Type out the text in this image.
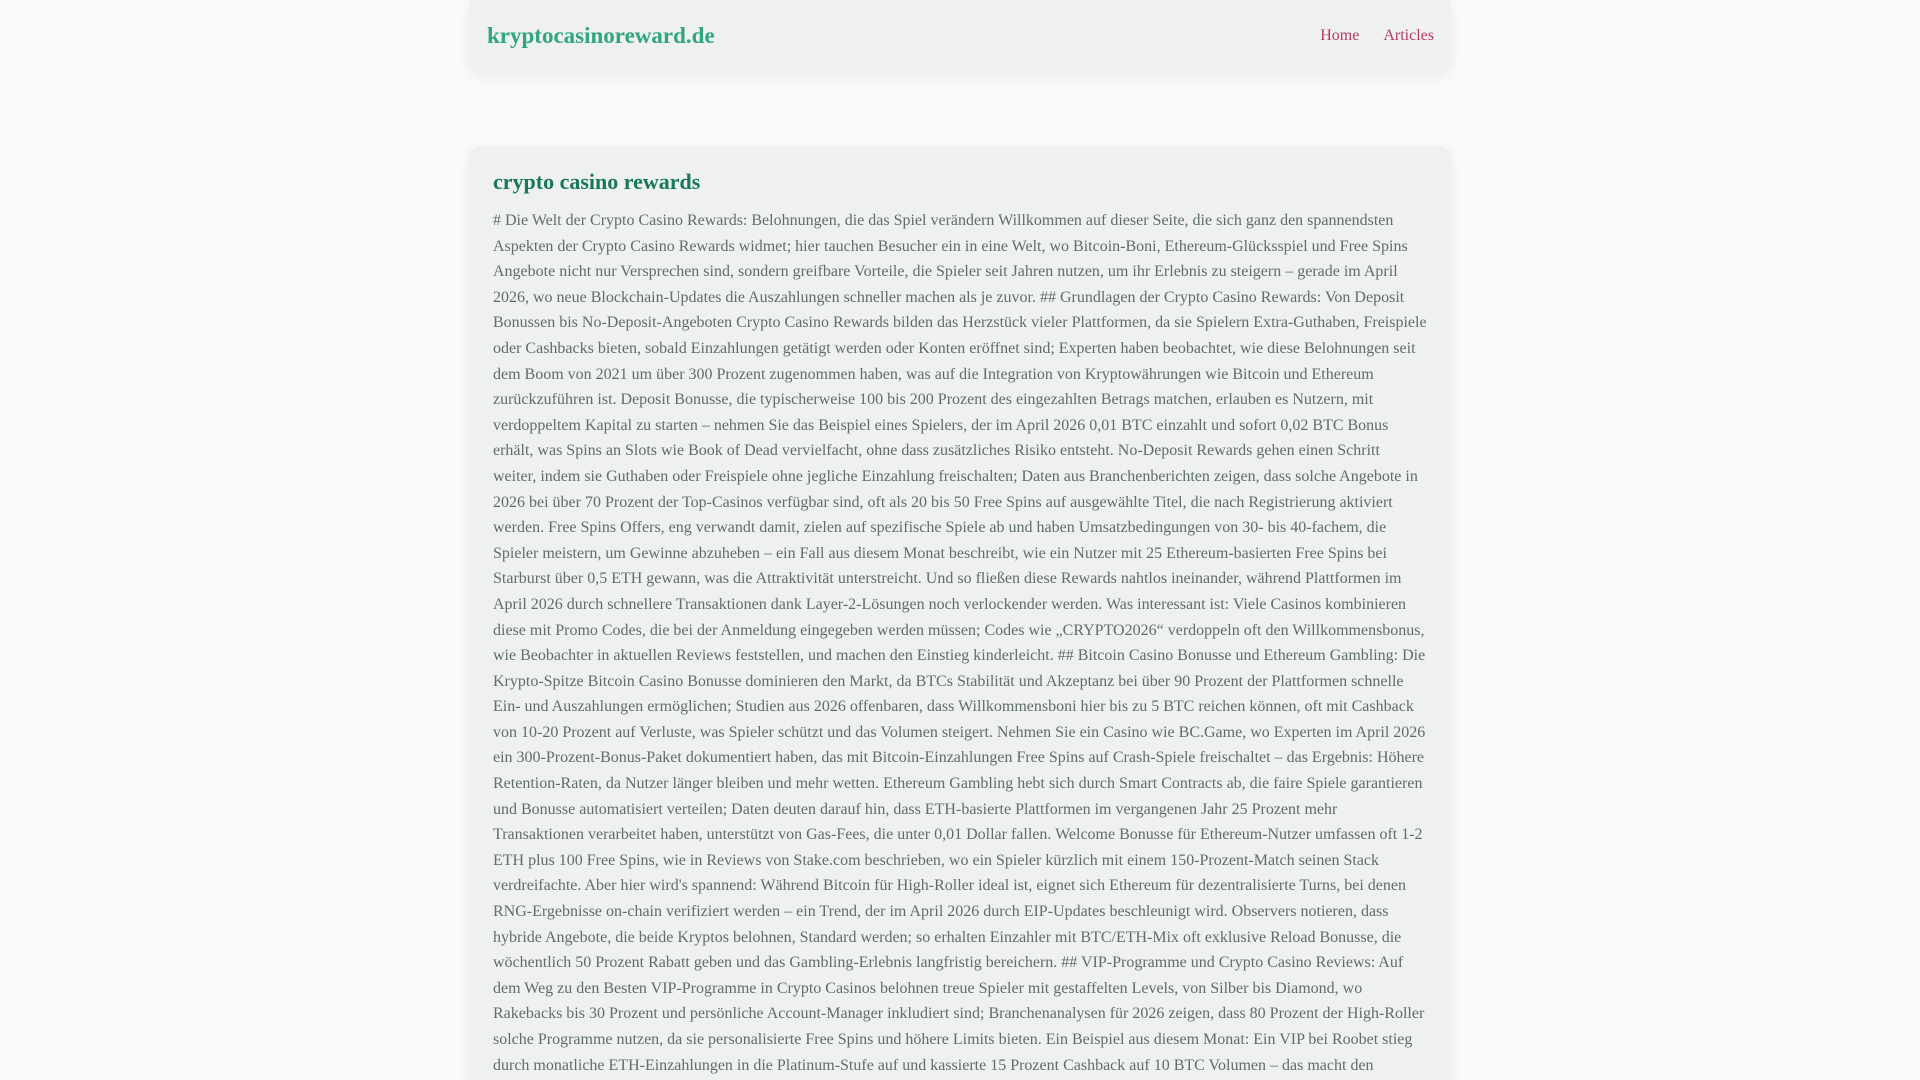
kryptocasinoreward.de	Home Articles
crypto casino rewards

# Die Welt der Crypto Casino Rewards: Belohnungen, die das Spiel verändern Willkommen auf dieser Seite, die sich ganz den spannendsten Aspekten der Crypto Casino Rewards widmet; hier tauchen Besucher ein in eine Welt, wo Bitcoin-Boni, Ethereum-Glücksspiel und Free Spins Angebote nicht nur Versprechen sind, sondern greifbare Vorteile, die Spieler seit Jahren nutzen, um ihr Erlebnis zu steigern – gerade im April 2026, wo neue Blockchain-Updates die Auszahlungen schneller machen als je zuvor. ## Grundlagen der Crypto Casino Rewards: Von Deposit Bonussen bis No-Deposit-Angeboten Crypto Casino Rewards bilden das Herzstück vieler Plattformen, da sie Spielern Extra-Guthaben, Freispiele oder Cashbacks bieten, sobald Einzahlungen getätigt werden oder Konten eröffnet sind; Experten haben beobachtet, wie diese Belohnungen seit dem Boom von 2021 um über 300 Prozent zugenommen haben, was auf die Integration von Kryptowährungen wie Bitcoin und Ethereum zurückzuführen ist. Deposit Bonusse, die typischerweise 100 bis 200 Prozent des eingezahlten Betrags matchen, erlauben es Nutzern, mit verdoppeltem Kapital zu starten – nehmen Sie das Beispiel eines Spielers, der im April 2026 0,01 BTC einzahlt und sofort 0,02 BTC Bonus erhält, was Spins an Slots wie Book of Dead vervielfacht, ohne dass zusätzliches Risiko entsteht. No-Deposit Rewards gehen einen Schritt weiter, indem sie Guthaben oder Freispiele ohne jegliche Einzahlung freischalten; Daten aus Branchenberichten zeigen, dass solche Angebote in 2026 bei über 70 Prozent der Top-Casinos verfügbar sind, oft als 20 bis 50 Free Spins auf ausgewählte Titel, die nach Registrierung aktiviert werden. Free Spins Offers, eng verwandt damit, zielen auf spezifische Spiele ab und haben Umsatzbedingungen von 30- bis 40-fachem, die Spieler meistern, um Gewinne abzuheben – ein Fall aus diesem Monat beschreibt, wie ein Nutzer mit 25 Ethereum-basierten Free Spins bei Starburst über 0,5 ETH gewann, was die Attraktivität unterstreicht. Und so fließen diese Rewards nahtlos ineinander, während Plattformen im April 2026 durch schnellere Transaktionen dank Layer-2-Lösungen noch verlockender werden. Was interessant ist: Viele Casinos kombinieren diese mit Promo Codes, die bei der Anmeldung eingegeben werden müssen; Codes wie „CRYPTO2026“ verdoppeln oft den Willkommensbonus, wie Beobachter in aktuellen Reviews feststellen, und machen den Einstieg kinderleicht. ## Bitcoin Casino Bonusse und Ethereum Gambling: Die Krypto-Spitze Bitcoin Casino Bonusse dominieren den Markt, da BTCs Stabilität und Akzeptanz bei über 90 Prozent der Plattformen schnelle Ein- und Auszahlungen ermöglichen; Studien aus 2026 offenbaren, dass Willkommensboni hier bis zu 5 BTC reichen können, oft mit Cashback von 10-20 Prozent auf Verluste, was Spieler schützt und das Volumen steigert. Nehmen Sie ein Casino wie BC.Game, wo Experten im April 2026 ein 300-Prozent-Bonus-Paket dokumentiert haben, das mit Bitcoin-Einzahlungen Free Spins auf Crash-Spiele freischaltet – das Ergebnis: Höhere Retention-Raten, da Nutzer länger bleiben und mehr wetten. Ethereum Gambling hebt sich durch Smart Contracts ab, die faire Spiele garantieren und Bonusse automatisiert verteilen; Daten deuten darauf hin, dass ETH-basierte Plattformen im vergangenen Jahr 25 Prozent mehr Transaktionen verarbeitet haben, unterstützt von Gas-Fees, die unter 0,01 Dollar fallen. Welcome Bonusse für Ethereum-Nutzer umfassen oft 1-2 ETH plus 100 Free Spins, wie in Reviews von Stake.com beschrieben, wo ein Spieler kürzlich mit einem 150-Prozent-Match seinen Stack verdreifachte. Aber hier wird's spannend: Während Bitcoin für High-Roller ideal ist, eignet sich Ethereum für dezentralisierte Turns, bei denen RNG-Ergebnisse on-chain verifiziert werden – ein Trend, der im April 2026 durch EIP-Updates beschleunigt wird. Observers notieren, dass hybride Angebote, die beide Kryptos belohnen, Standard werden; so erhalten Einzahler mit BTC/ETH-Mix oft exklusive Reload Bonusse, die wöchentlich 50 Prozent Rabatt geben und das Gambling-Erlebnis langfristig bereichern. ## VIP-Programme und Crypto Casino Reviews: Auf dem Weg zu den Besten VIP-Programme in Crypto Casinos belohnen treue Spieler mit gestaffelten Levels, von Silber bis Diamond, wo Rakebacks bis 30 Prozent und persönliche Account-Manager inkludiert sind; Branchenanalysen für 2026 zeigen, dass 80 Prozent der High-Roller solche Programme nutzen, da sie personalisierte Free Spins und höhere Limits bieten. Ein Beispiel aus diesem Monat: Ein VIP bei Roobet stieg durch monatliche ETH-Einzahlungen in die Platinum-Stufe auf und kassierte 15 Prozent Cashback auf 10 BTC Volumen – das macht den
